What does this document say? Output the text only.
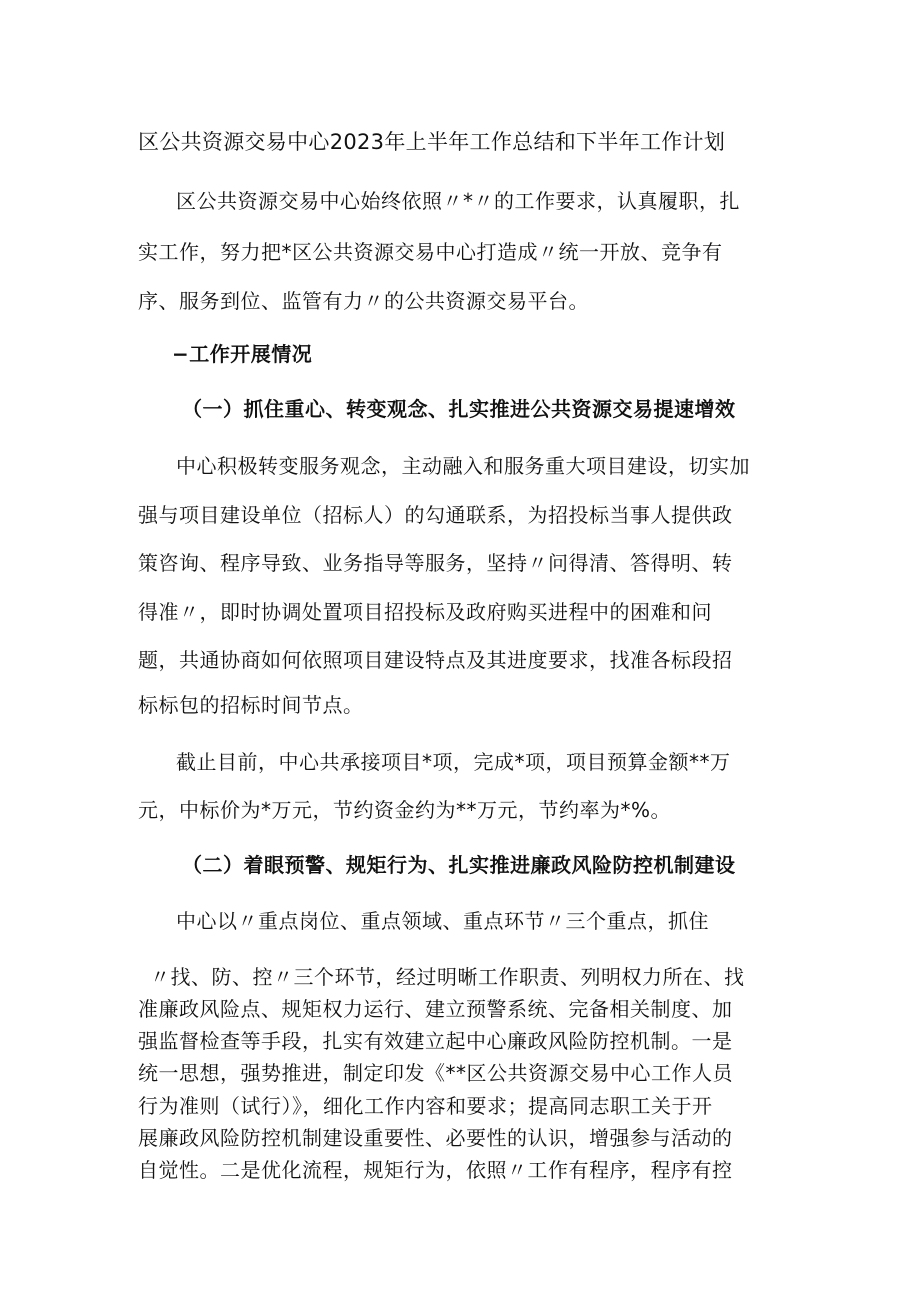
区公共资源交易中心2023年上半年工作总结和下半年工作计划
区公共资源交易中心始终依照〃*〃的工作要求，认真履职，扎
实工作，努力把*区公共资源交易中心打造成〃统一开放、竞争有
序、服务到位、监管有力〃的公共资源交易平台。
−工作开展情况
（一）抓住重心、转变观念、扎实推进公共资源交易提速增效
中心积极转变服务观念，主动融入和服务重大项目建设，切实加
强与项目建设单位（招标人）的勾通联系，为招投标当事人提供政
策咨询、程序导致、业务指导等服务，坚持〃问得清、答得明、转
得准〃，即时协调处置项目招投标及政府购买进程中的困难和问
题，共通协商如何依照项目建设特点及其进度要求，找准各标段招
标标包的招标时间节点。
截止目前，中心共承接项目*项，完成*项，项目预算金额**万
元，中标价为*万元，节约资金约为**万元，节约率为*%。
（二）着眼预警、规矩行为、扎实推进廉政风险防控机制建设
中心以〃重点岗位、重点领域、重点环节〃三个重点，抓住
〃找、防、控〃三个环节，经过明晰工作职责、列明权力所在、找
准廉政风险点、规矩权力运行、建立预警系统、完备相关制度、加
强监督检查等手段，扎实有效建立起中心廉政风险防控机制。一是
统一思想，强势推进，制定印发《**区公共资源交易中心工作人员
行为准则（试行）》，细化工作内容和要求；提高同志职工关于开
展廉政风险防控机制建设重要性、必要性的认识，增强参与活动的
自觉性。二是优化流程，规矩行为，依照〃工作有程序，程序有控
